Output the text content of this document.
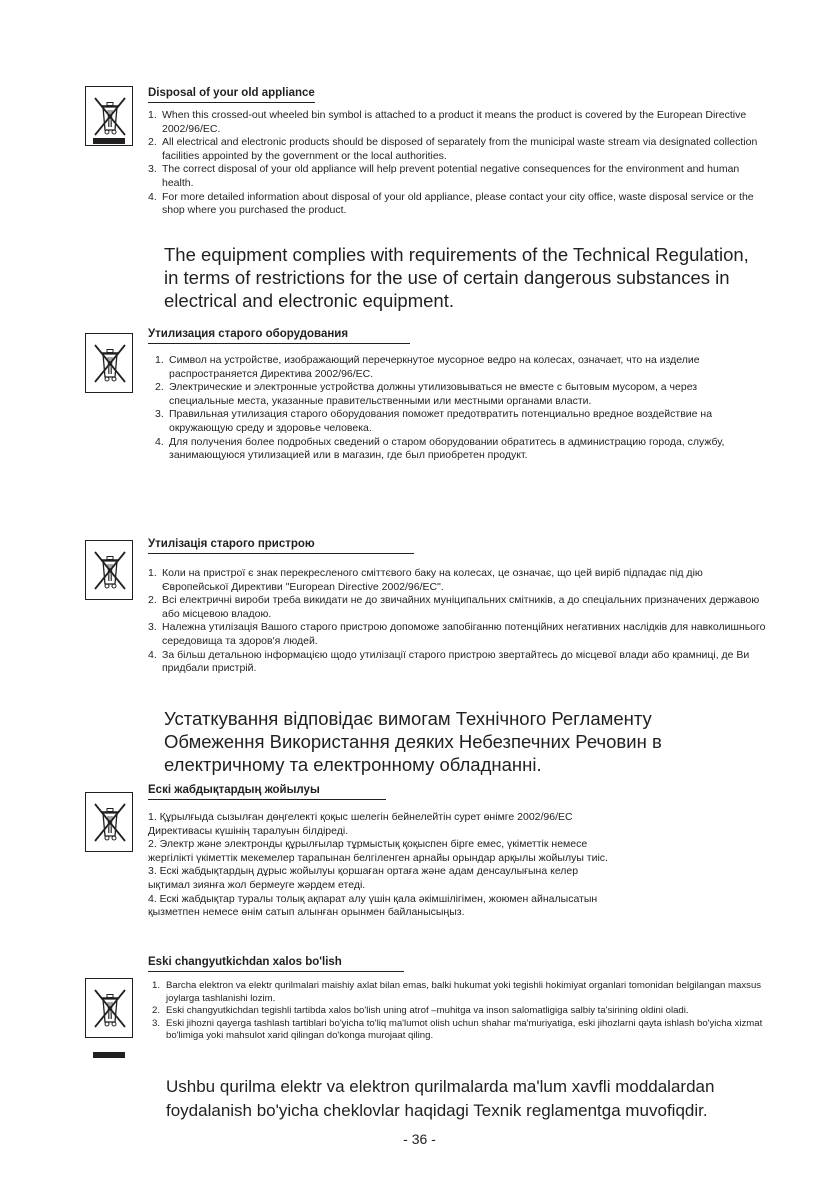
Disposal of your old appliance
1. When this crossed-out wheeled bin symbol is attached to a product it means the product is covered by the European Directive 2002/96/EC.
2. All electrical and electronic products should be disposed of separately from the municipal waste stream via designated collection facilities appointed by the government or the local authorities.
3. The correct disposal of your old appliance will help prevent potential negative consequences for the environment and human health.
4. For more detailed information about disposal of your old appliance, please contact your city office, waste disposal service or the shop where you purchased the product.
The equipment complies with requirements of the Technical Regulation,
in terms of restrictions for the use of certain dangerous substances in
electrical and electronic equipment.
Утилизация старого оборудования
1. Символ на устройстве, изображающий перечеркнутое мусорное ведро на колесах, означает, что на изделие распространяется Директива 2002/96/EC.
2. Электрические и электронные устройства должны утилизовываться не вместе с бытовым мусором, а через специальные места, указанные правительственными или местными органами власти.
3. Правильная утилизация старого оборудования поможет предотвратить потенциально вредное воздействие на окружающую среду и здоровье человека.
4. Для получения более подробных сведений о старом оборудовании обратитесь в администрацию города, службу, занимающуюся утилизацией или в магазин, где был приобретен продукт.
Утилізація старого пристрою
1. Коли на пристрої є знак перекресленого сміттєвого баку на колесах, це означає, що цей виріб підпадає під дію Європейської Директиви "European Directive 2002/96/EC".
2. Всі електричні вироби треба викидати не до звичайних муніципальних смітників, а до спеціальних призначених державою або місцевою владою.
3. Належна утилізація Вашого старого пристрою допоможе запобіганню потенційних негативних наслідків для навколишнього середовища та здоров'я людей.
4. За більш детальною інформацією щодо утилізації старого пристрою звертайтесь до місцевої влади або крамниці, де Ви придбали пристрій.
Устаткування відповідає вимогам Технічного Регламенту
Обмеження Використання деяких Небезпечних Речовин в
електричному та електронному обладнанні.
Ескі жабдықтардың жойылуы
1. Құрылғыда сызылған дөңгелекті қоқыс шелегін бейнелейтін сурет өнімге 2002/96/EC
Директивасы күшінің таралуын білдіреді.
2. Электр және электронды құрылғылар тұрмыстық қоқыспен бірге емес, үкіметтік немесе
жергілікті үкіметтік мекемелер тарапынан белгіленген арнайы орындар арқылы жойылуы тиіс.
3. Ескі жабдықтардың дұрыс жойылуы қоршаған ортаға және адам денсаулығына келер
ықтимал зиянға жол бермеуге жәрдем етеді.
4. Ескі жабдықтар туралы толық ақпарат алу үшін қала әкімшілігімен, жоюмен айналысатын
қызметпен немесе өнім сатып алынған орынмен байланысыңыз.
Eski changyutkichdan xalos bo'lish
1. Barcha elektron va elektr qurilmalari maishiy axlat bilan emas, balki hukumat yoki tegishli hokimiyat organlari tomonidan belgilangan maxsus joylarga tashlanishi lozim.
2. Eski changyutkichdan tegishli tartibda xalos bo'lish uning atrof –muhitga va inson salomatligiga salbiy ta'sirining oldini oladi.
3. Eski jihozni qayerga tashlash tartiblari bo'yicha to'liq ma'lumot olish uchun shahar ma'muriyatiga, eski jihozlarni qayta ishlash bo'yicha xizmat bo'limiga yoki mahsulot xarid qilingan do'konga murojaat qiling.
Ushbu qurilma elektr va elektron qurilmalarda ma'lum xavfli moddalardan
foydalanish bo'yicha cheklovlar haqidagi Texnik reglamentga muvofiqdir.
- 36 -
